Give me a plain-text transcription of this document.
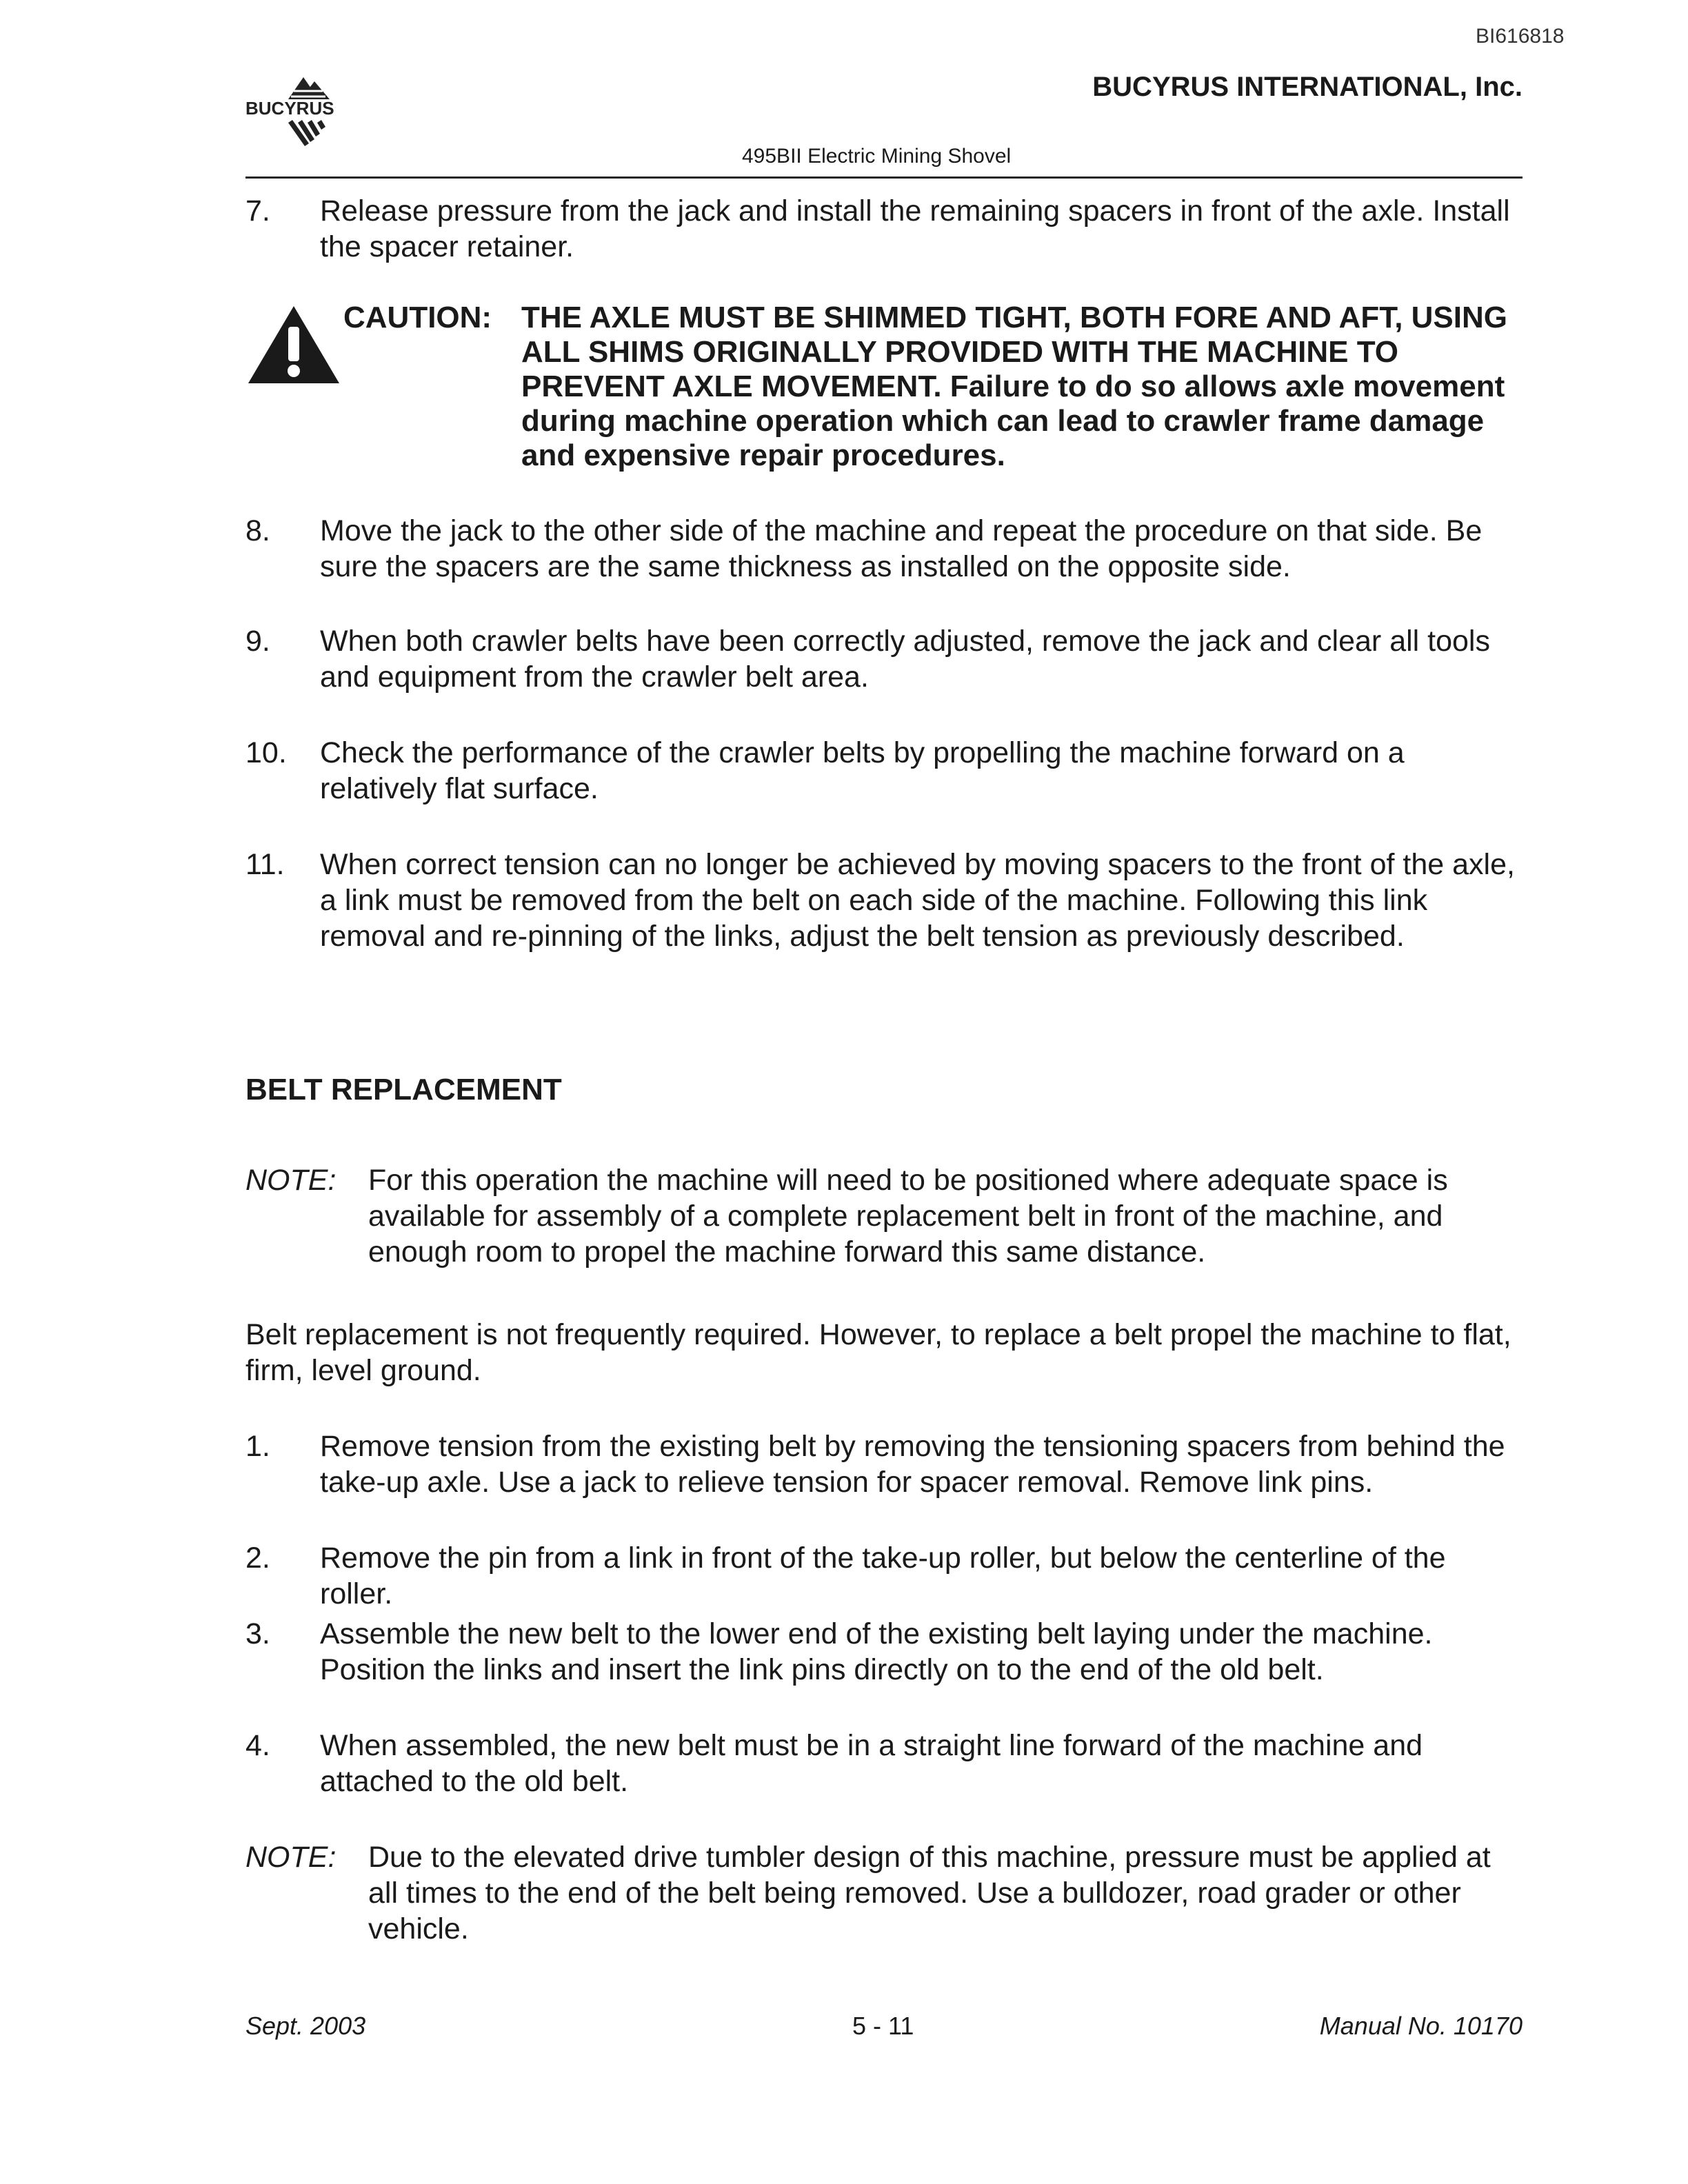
BI616818
BUCYRUS
BUCYRUS INTERNATIONAL, Inc.
495BII Electric Mining Shovel
7. Release pressure from the jack and install the remaining spacers in front of the axle. Install the spacer retainer.
CAUTION: THE AXLE MUST BE SHIMMED TIGHT, BOTH FORE AND AFT, USING ALL SHIMS ORIGINALLY PROVIDED WITH THE MACHINE TO PREVENT AXLE MOVEMENT. Failure to do so allows axle movement during machine operation which can lead to crawler frame damage and expensive repair procedures.
8. Move the jack to the other side of the machine and repeat the procedure on that side. Be sure the spacers are the same thickness as installed on the opposite side.
9. When both crawler belts have been correctly adjusted, remove the jack and clear all tools and equipment from the crawler belt area.
10. Check the performance of the crawler belts by propelling the machine forward on a relatively flat surface.
11. When correct tension can no longer be achieved by moving spacers to the front of the axle, a link must be removed from the belt on each side of the machine. Following this link removal and re-pinning of the links, adjust the belt tension as previously described.
BELT REPLACEMENT
NOTE: For this operation the machine will need to be positioned where adequate space is available for assembly of a complete replacement belt in front of the machine, and enough room to propel the machine forward this same distance.
Belt replacement is not frequently required. However, to replace a belt propel the machine to flat, firm, level ground.
1. Remove tension from the existing belt by removing the tensioning spacers from behind the take-up axle. Use a jack to relieve tension for spacer removal. Remove link pins.
2. Remove the pin from a link in front of the take-up roller, but below the centerline of the roller.
3. Assemble the new belt to the lower end of the existing belt laying under the machine. Position the links and insert the link pins directly on to the end of the old belt.
4. When assembled, the new belt must be in a straight line forward of the machine and attached to the old belt.
NOTE: Due to the elevated drive tumbler design of this machine, pressure must be applied at all times to the end of the belt being removed. Use a bulldozer, road grader or other vehicle.
Sept. 2003	5 - 11	Manual No. 10170
